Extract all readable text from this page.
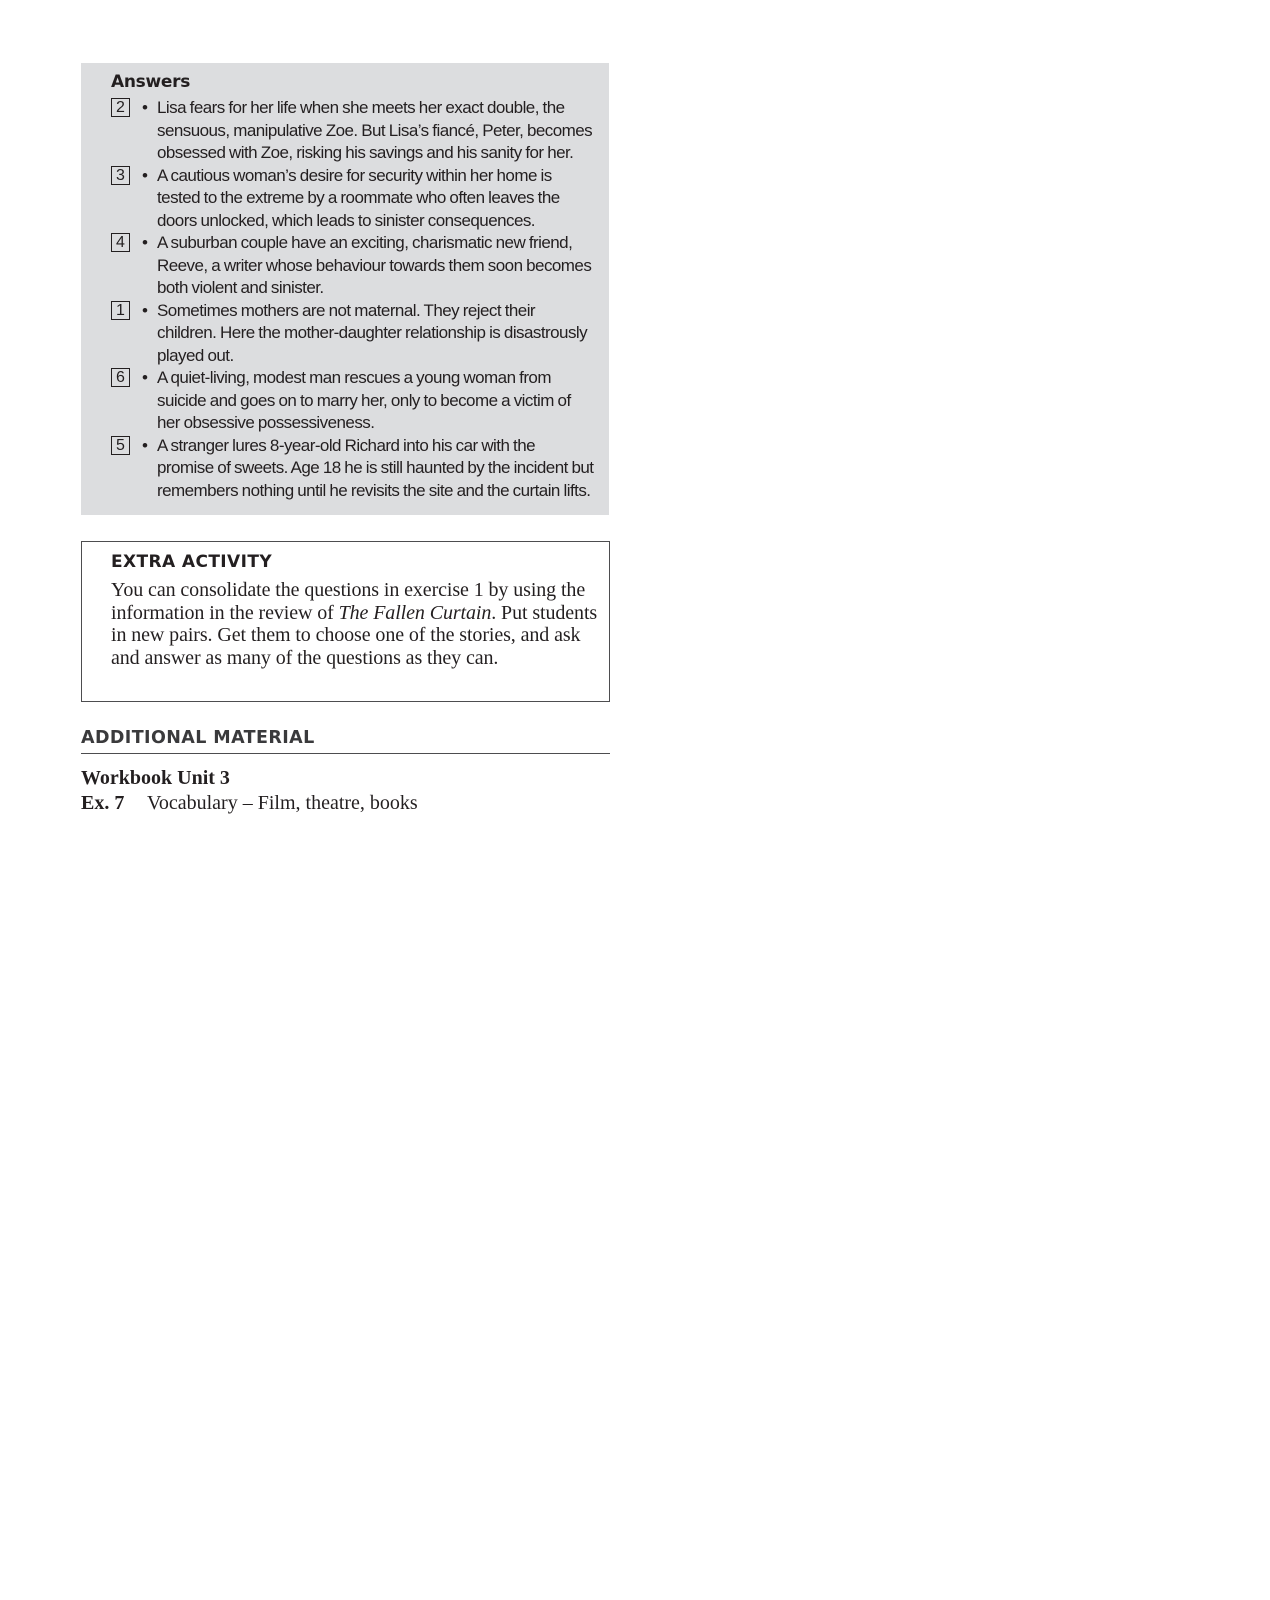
Answers
2 • Lisa fears for her life when she meets her exact double, the sensuous, manipulative Zoe. But Lisa’s fiancé, Peter, becomes obsessed with Zoe, risking his savings and his sanity for her.
3 • A cautious woman’s desire for security within her home is tested to the extreme by a roommate who often leaves the doors unlocked, which leads to sinister consequences.
4 • A suburban couple have an exciting, charismatic new friend, Reeve, a writer whose behaviour towards them soon becomes both violent and sinister.
1 • Sometimes mothers are not maternal. They reject their children. Here the mother-daughter relationship is disastrously played out.
6 • A quiet-living, modest man rescues a young woman from suicide and goes on to marry her, only to become a victim of her obsessive possessiveness.
5 • A stranger lures 8-year-old Richard into his car with the promise of sweets. Age 18 he is still haunted by the incident but remembers nothing until he revisits the site and the curtain lifts.
EXTRA ACTIVITY
You can consolidate the questions in exercise 1 by using the information in the review of The Fallen Curtain. Put students in new pairs. Get them to choose one of the stories, and ask and answer as many of the questions as they can.
ADDITIONAL MATERIAL
Workbook Unit 3
Ex. 7	Vocabulary – Film, theatre, books
